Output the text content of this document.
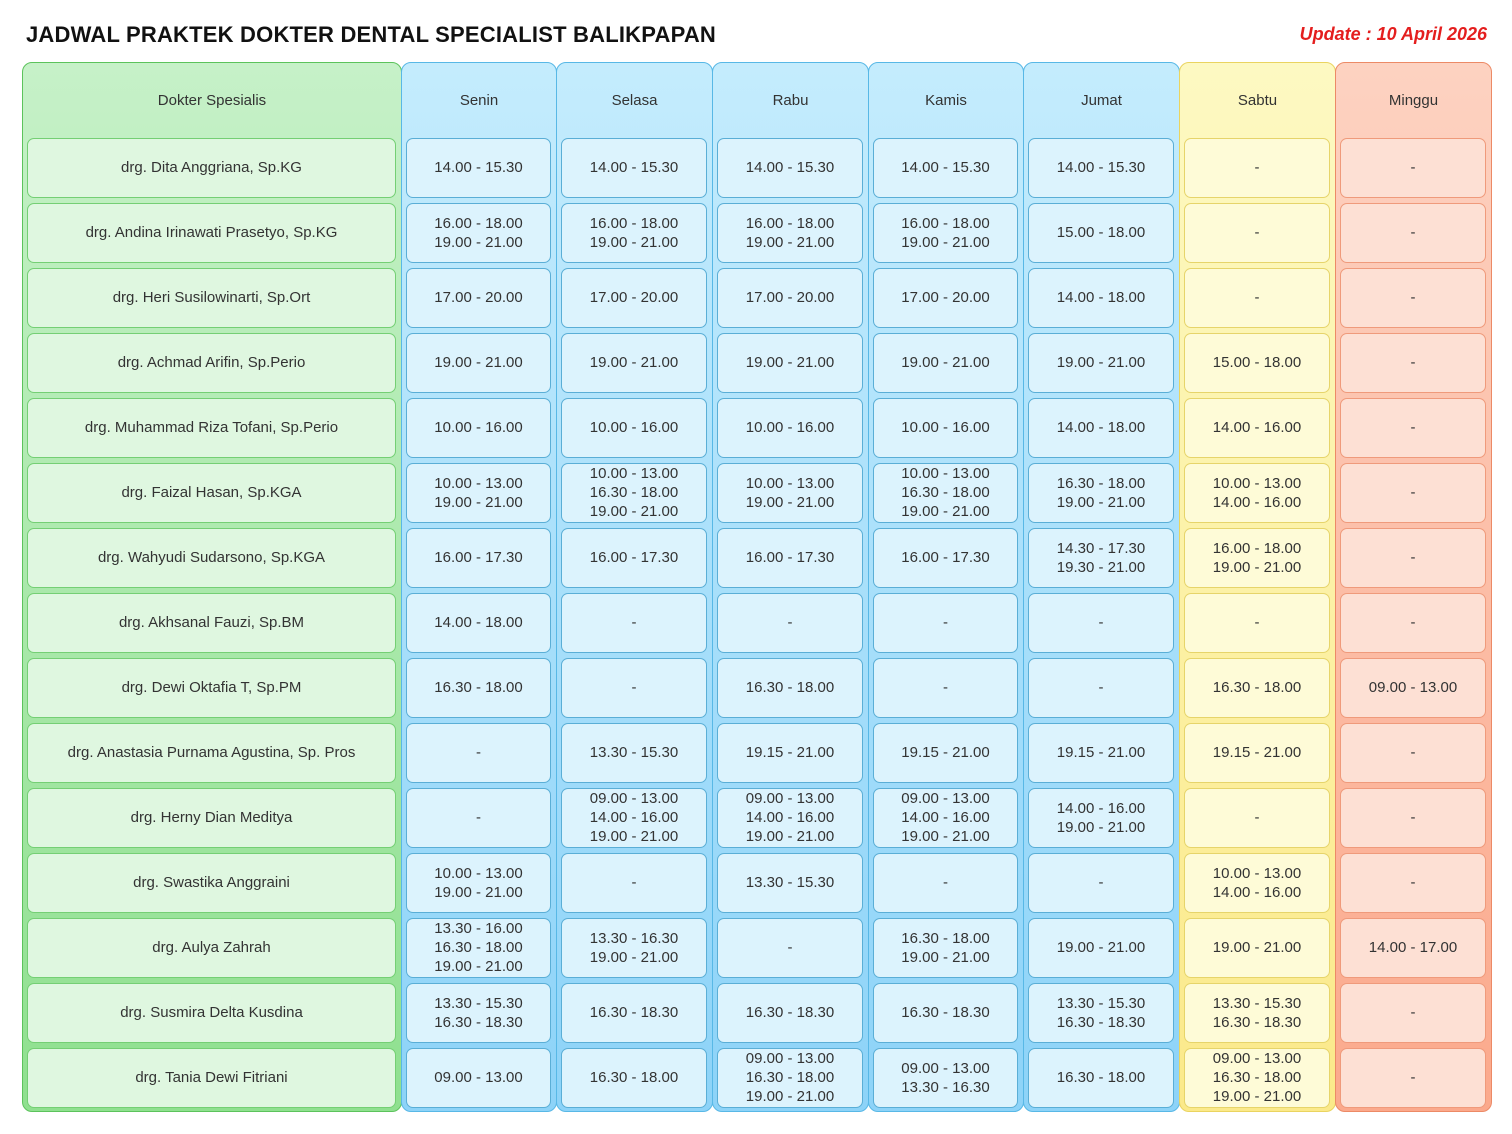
JADWAL PRAKTEK DOKTER DENTAL SPECIALIST BALIKPAPAN	Update : 10 April 2026
Dokter Spesialis
drg. Dita Anggriana, Sp.KG
drg. Andina Irinawati Prasetyo, Sp.KG
drg. Heri Susilowinarti, Sp.Ort
drg. Achmad Arifin, Sp.Perio
drg. Muhammad Riza Tofani, Sp.Perio
drg. Faizal Hasan, Sp.KGA
drg. Wahyudi Sudarsono, Sp.KGA
drg. Akhsanal Fauzi, Sp.BM
drg. Dewi Oktafia T, Sp.PM
drg. Anastasia Purnama Agustina, Sp. Pros
drg. Herny Dian Meditya
drg. Swastika Anggraini
drg. Aulya Zahrah
drg. Susmira Delta Kusdina
drg. Tania Dewi Fitriani
Senin
14.00 - 15.30
16.00 - 18.00
19.00 - 21.00
17.00 - 20.00
19.00 - 21.00
10.00 - 16.00
10.00 - 13.00
19.00 - 21.00
16.00 - 17.30
14.00 - 18.00
16.30 - 18.00
-
-
10.00 - 13.00
19.00 - 21.00
13.30 - 16.00
16.30 - 18.00
19.00 - 21.00
13.30 - 15.30
16.30 - 18.30
09.00 - 13.00
Selasa
14.00 - 15.30
16.00 - 18.00
19.00 - 21.00
17.00 - 20.00
19.00 - 21.00
10.00 - 16.00
10.00 - 13.00
16.30 - 18.00
19.00 - 21.00
16.00 - 17.30
-
-
13.30 - 15.30
09.00 - 13.00
14.00 - 16.00
19.00 - 21.00
-
13.30 - 16.30
19.00 - 21.00
16.30 - 18.30
16.30 - 18.00
Rabu
14.00 - 15.30
16.00 - 18.00
19.00 - 21.00
17.00 - 20.00
19.00 - 21.00
10.00 - 16.00
10.00 - 13.00
19.00 - 21.00
16.00 - 17.30
-
16.30 - 18.00
19.15 - 21.00
09.00 - 13.00
14.00 - 16.00
19.00 - 21.00
13.30 - 15.30
-
16.30 - 18.30
09.00 - 13.00
16.30 - 18.00
19.00 - 21.00
Kamis
14.00 - 15.30
16.00 - 18.00
19.00 - 21.00
17.00 - 20.00
19.00 - 21.00
10.00 - 16.00
10.00 - 13.00
16.30 - 18.00
19.00 - 21.00
16.00 - 17.30
-
-
19.15 - 21.00
09.00 - 13.00
14.00 - 16.00
19.00 - 21.00
-
16.30 - 18.00
19.00 - 21.00
16.30 - 18.30
09.00 - 13.00
13.30 - 16.30
Jumat
14.00 - 15.30
15.00 - 18.00
14.00 - 18.00
19.00 - 21.00
14.00 - 18.00
16.30 - 18.00
19.00 - 21.00
14.30 - 17.30
19.30 - 21.00
-
-
19.15 - 21.00
14.00 - 16.00
19.00 - 21.00
-
19.00 - 21.00
13.30 - 15.30
16.30 - 18.30
16.30 - 18.00
Sabtu
-
-
-
15.00 - 18.00
14.00 - 16.00
10.00 - 13.00
14.00 - 16.00
16.00 - 18.00
19.00 - 21.00
-
16.30 - 18.00
19.15 - 21.00
-
10.00 - 13.00
14.00 - 16.00
19.00 - 21.00
13.30 - 15.30
16.30 - 18.30
09.00 - 13.00
16.30 - 18.00
19.00 - 21.00
Minggu
-
-
-
-
-
-
-
-
09.00 - 13.00
-
-
-
14.00 - 17.00
-
-
